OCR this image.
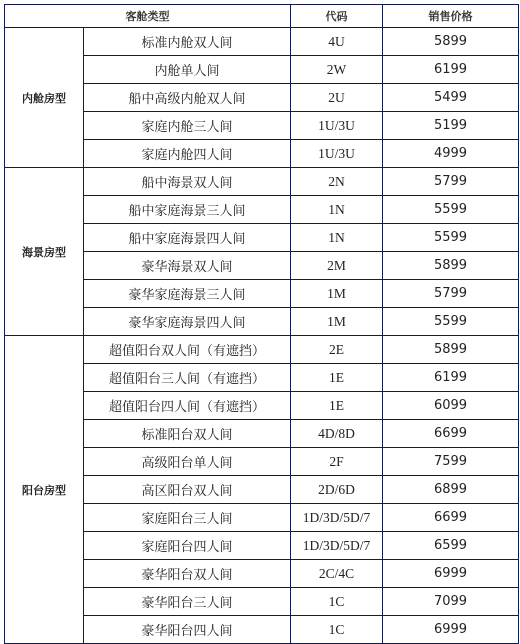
客舱类型		代码	销售价格
内舱房型	标准内舱双人间	4U	5899
	内舱单人间	2W	6199
	船中高级内舱双人间	2U	5499
	家庭内舱三人间	1U/3U	5199
	家庭内舱四人间	1U/3U	4999
海景房型	船中海景双人间	2N	5799
	船中家庭海景三人间	1N	5599
	船中家庭海景四人间	1N	5599
	豪华海景双人间	2M	5899
	豪华家庭海景三人间	1M	5799
	豪华家庭海景四人间	1M	5599
阳台房型	超值阳台双人间（有遮挡）	2E	5899
	超值阳台三人间（有遮挡）	1E	6199
	超值阳台四人间（有遮挡）	1E	6099
	标准阳台双人间	4D/8D	6699
	高级阳台单人间	2F	7599
	高区阳台双人间	2D/6D	6899
	家庭阳台三人间	1D/3D/5D/7	6699
	家庭阳台四人间	1D/3D/5D/7	6599
	豪华阳台双人间	2C/4C	6999
	豪华阳台三人间	1C	7099
	豪华阳台四人间	1C	6999
